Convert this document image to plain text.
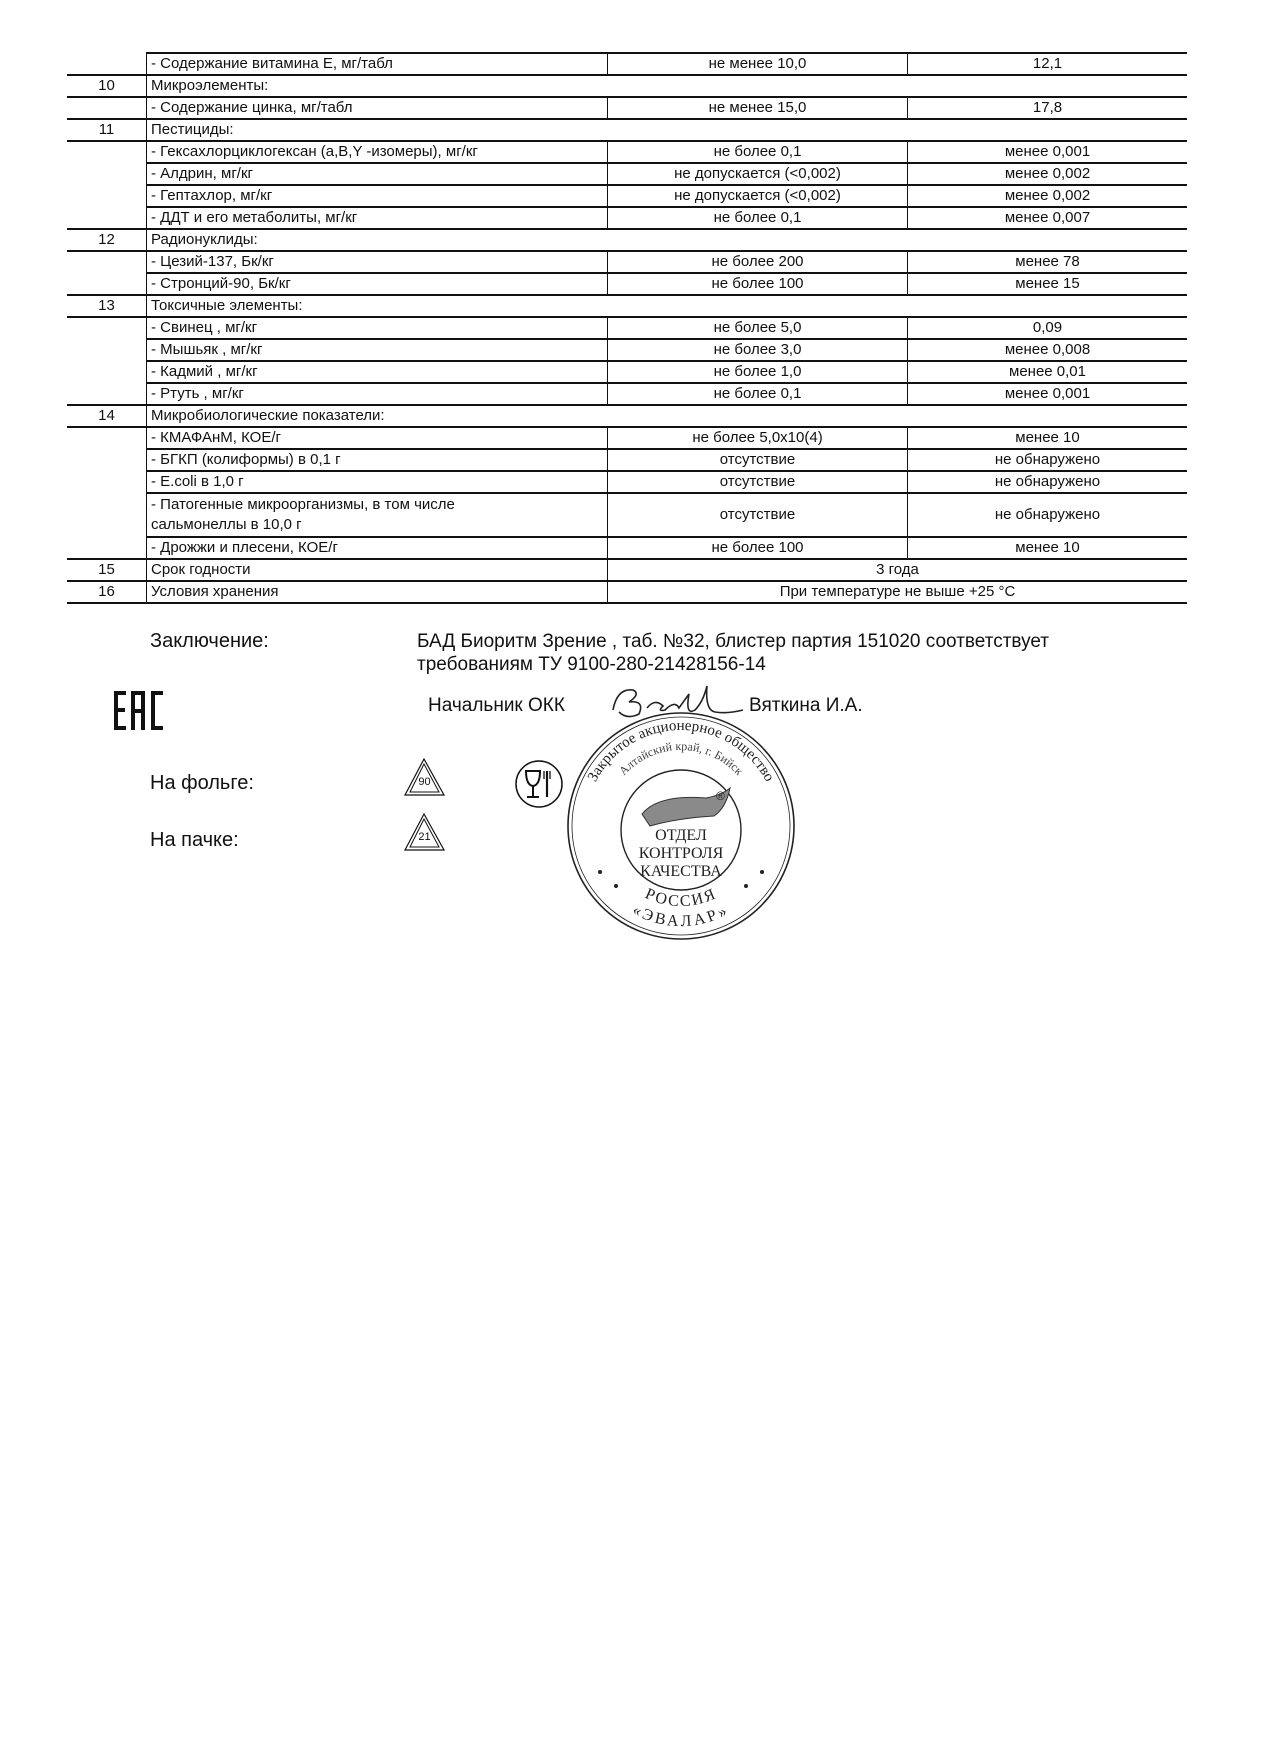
	- Содержание витамина Е, мг/табл	не менее 10,0	12,1
10	Микроэлементы:		
	- Содержание цинка, мг/табл	не менее 15,0	17,8
11	Пестициды:		
	- Гексахлорциклогексан (a,B,Y -изомеры), мг/кг	не более 0,1	менее 0,001
	- Алдрин, мг/кг	не допускается (<0,002)	менее 0,002
	- Гептахлор, мг/кг	не допускается (<0,002)	менее 0,002
	- ДДТ и его метаболиты, мг/кг	не более 0,1	менее 0,007
12	Радионуклиды:		
	- Цезий-137, Бк/кг	не более 200	менее 78
	- Стронций-90, Бк/кг	не более 100	менее 15
13	Токсичные элементы:		
	- Свинец , мг/кг	не более 5,0	0,09
	- Мышьяк , мг/кг	не более 3,0	менее 0,008
	- Кадмий , мг/кг	не более 1,0	менее 0,01
	- Ртуть , мг/кг	не более 0,1	менее 0,001
14	Микробиологические показатели:		
	- КМАФАнМ, КОЕ/г	не более 5,0х10(4)	менее 10
	- БГКП (колиформы) в 0,1 г	отсутствие	не обнаружено
	- E.coli в 1,0 г	отсутствие	не обнаружено
	- Патогенные микроорганизмы, в том числе
сальмонеллы в 10,0 г	отсутствие	не обнаружено
	- Дрожжи и плесени, КОЕ/г	не более 100	менее 10
15	Срок годности	3 года	
16	Условия хранения	При температуре не выше +25 °С	
Заключение:	БАД Биоритм Зрение , таб. №32, блистер партия 151020 соответствует
требованиям ТУ 9100-280-21428156-14
Начальник ОКК	Вяткина И.А.
На фольге:
На пачке:
90
21
Закрытое акционерное общество
Алтайский край, г. Бийск
®
ОТДЕЛ
КОНТРОЛЯ
КАЧЕСТВА
РОССИЯ
«ЭВАЛАР»
